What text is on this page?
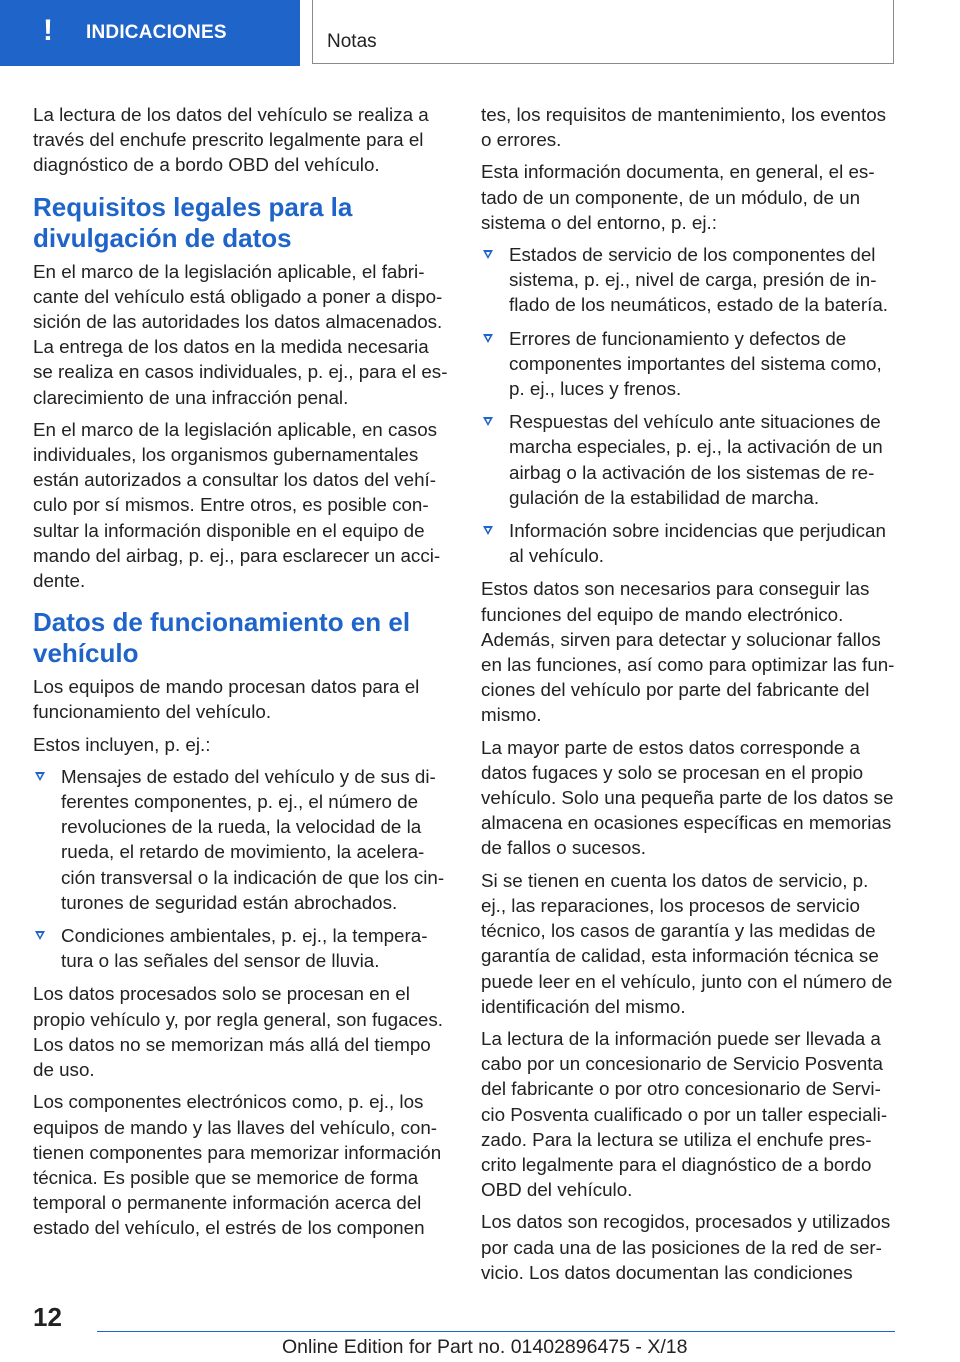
! INDICACIONES	Notas

La lectura de los datos del vehículo se realiza a través del enchufe prescrito legalmente para el diagnóstico de a bordo OBD del vehículo.

Requisitos legales para la divulgación de datos

En el marco de la legislación aplicable, el fabricante del vehículo está obligado a poner a disposición de las autoridades los datos almacenados. La entrega de los datos en la medida necesaria se realiza en casos individuales, p. ej., para el esclarecimiento de una infracción penal.

En el marco de la legislación aplicable, en casos individuales, los organismos gubernamentales están autorizados a consultar los datos del vehículo por sí mismos. Entre otros, es posible consultar la información disponible en el equipo de mando del airbag, p. ej., para esclarecer un accidente.

Datos de funcionamiento en el vehículo

Los equipos de mando procesan datos para el funcionamiento del vehículo.

Estos incluyen, p. ej.:

Mensajes de estado del vehículo y de sus diferentes componentes, p. ej., el número de revoluciones de la rueda, la velocidad de la rueda, el retardo de movimiento, la aceleración transversal o la indicación de que los cinturones de seguridad están abrochados.
Condiciones ambientales, p. ej., la temperatura o las señales del sensor de lluvia.

Los datos procesados solo se procesan en el propio vehículo y, por regla general, son fugaces. Los datos no se memorizan más allá del tiempo de uso.

Los componentes electrónicos como, p. ej., los equipos de mando y las llaves del vehículo, contienen componentes para memorizar información técnica. Es posible que se memorice de forma temporal o permanente información acerca del estado del vehículo, el estrés de los componen

tes, los requisitos de mantenimiento, los eventos o errores.

Esta información documenta, en general, el estado de un componente, de un módulo, de un sistema o del entorno, p. ej.:

Estados de servicio de los componentes del sistema, p. ej., nivel de carga, presión de inflado de los neumáticos, estado de la batería.
Errores de funcionamiento y defectos de componentes importantes del sistema como, p. ej., luces y frenos.
Respuestas del vehículo ante situaciones de marcha especiales, p. ej., la activación de un airbag o la activación de los sistemas de regulación de la estabilidad de marcha.
Información sobre incidencias que perjudican al vehículo.

Estos datos son necesarios para conseguir las funciones del equipo de mando electrónico. Además, sirven para detectar y solucionar fallos en las funciones, así como para optimizar las funciones del vehículo por parte del fabricante del mismo.

La mayor parte de estos datos corresponde a datos fugaces y solo se procesan en el propio vehículo. Solo una pequeña parte de los datos se almacena en ocasiones específicas en memorias de fallos o sucesos.

Si se tienen en cuenta los datos de servicio, p. ej., las reparaciones, los procesos de servicio técnico, los casos de garantía y las medidas de garantía de calidad, esta información técnica se puede leer en el vehículo, junto con el número de identificación del mismo.

La lectura de la información puede ser llevada a cabo por un concesionario de Servicio Posventa del fabricante o por otro concesionario de Servicio Posventa cualificado o por un taller especializado. Para la lectura se utiliza el enchufe prescrito legalmente para el diagnóstico de a bordo OBD del vehículo.

Los datos son recogidos, procesados y utilizados por cada una de las posiciones de la red de servicio. Los datos documentan las condiciones

12
Online Edition for Part no. 01402896475 - X/18
